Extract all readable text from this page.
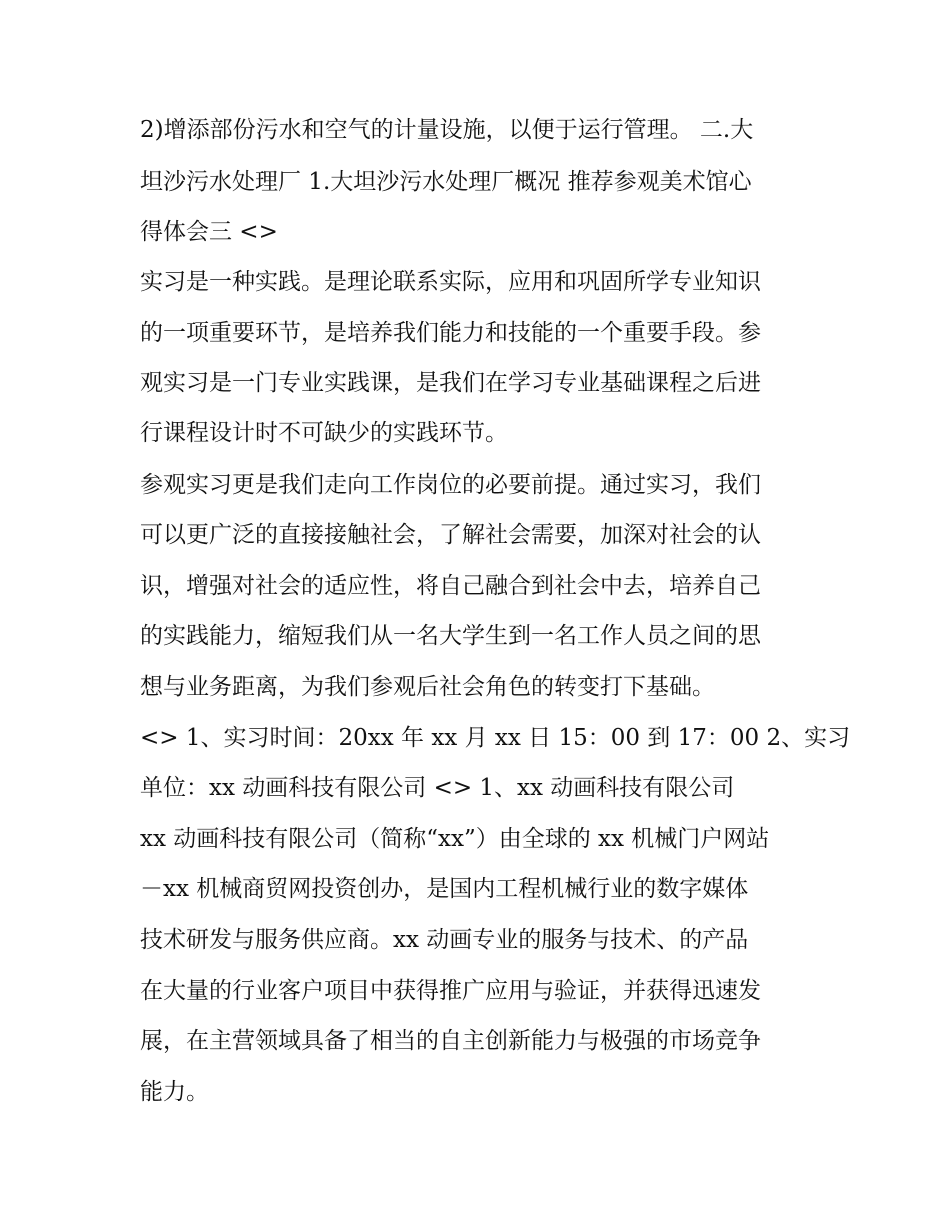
2)增添部份污水和空气的计量设施，以便于运行管理。 二.大
坦沙污水处理厂 1.大坦沙污水处理厂概况 推荐参观美术馆心
得体会三 <>
实习是一种实践。是理论联系实际，应用和巩固所学专业知识
的一项重要环节，是培养我们能力和技能的一个重要手段。参
观实习是一门专业实践课，是我们在学习专业基础课程之后进
行课程设计时不可缺少的实践环节。
参观实习更是我们走向工作岗位的必要前提。通过实习，我们
可以更广泛的直接接触社会，了解社会需要，加深对社会的认
识，增强对社会的适应性，将自己融合到社会中去，培养自己
的实践能力，缩短我们从一名大学生到一名工作人员之间的思
想与业务距离，为我们参观后社会角色的转变打下基础。
<> 1、实习时间：20xx 年 xx 月 xx 日 15：00 到 17：00 2、实习
单位：xx 动画科技有限公司 <> 1、xx 动画科技有限公司
xx 动画科技有限公司（简称“xx”）由全球的 xx 机械门户网站
－xx 机械商贸网投资创办，是国内工程机械行业的数字媒体
技术研发与服务供应商。xx 动画专业的服务与技术、的产品
在大量的行业客户项目中获得推广应用与验证，并获得迅速发
展，在主营领域具备了相当的自主创新能力与极强的市场竞争
能力。
